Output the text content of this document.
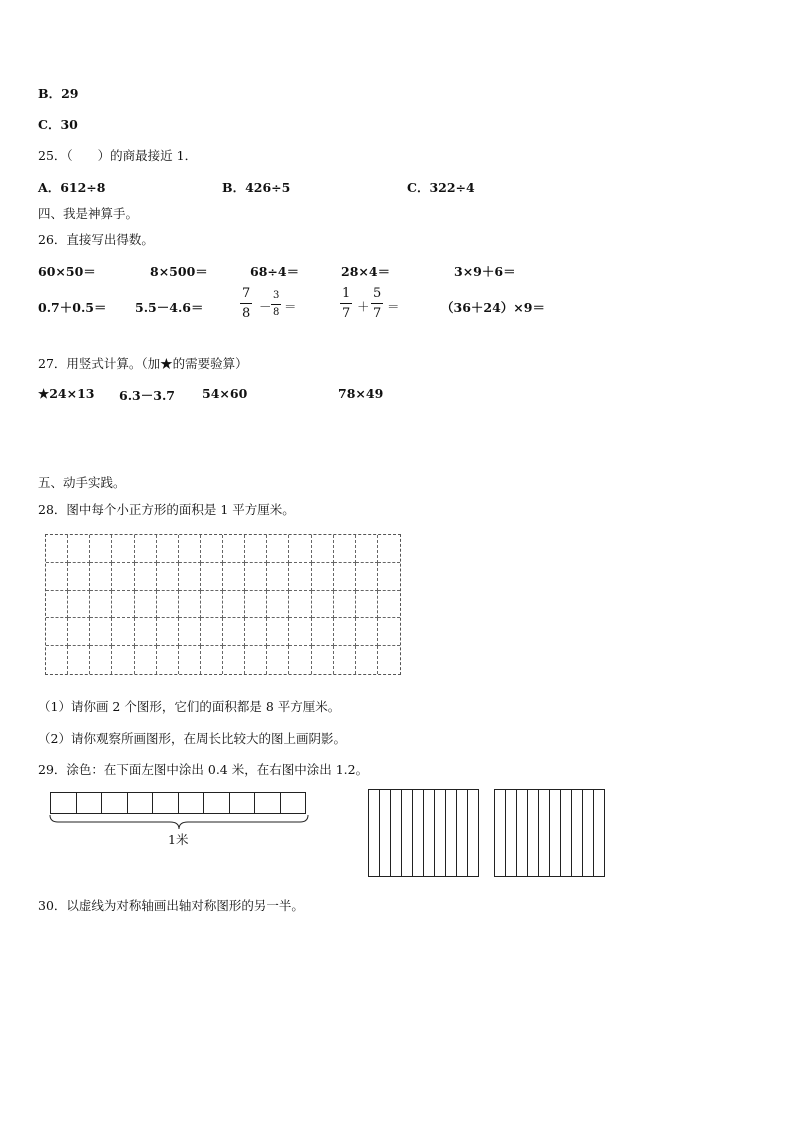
B．29
C．30
25．（　　）的商最接近 1．
A．612÷8	B．426÷5	C．322÷4
四、我是神算手。
26．直接写出得数。
60×50＝	8×500＝	68÷4＝	28×4＝	3×9＋6＝
0.7＋0.5＝ 5.5－4.6＝	$\frac{7}{8} - \frac{3}{8}$ ＝	$\frac{1}{7} + \frac{5}{7}$ ＝	（36＋24）×9＝
27．用竖式计算。（加★的需要验算）
★24×13 6.3－3.7 54×60	78×49
五、动手实践。
28．图中每个小正方形的面积是 1 平方厘米。
（1）请你画 2 个图形，它们的面积都是 8 平方厘米。
（2）请你观察所画图形，在周长比较大的图上画阴影。
29．涂色：在下面左图中涂出 0.4 米，在右图中涂出 1.2。
1米
30．以虚线为对称轴画出轴对称图形的另一半。
